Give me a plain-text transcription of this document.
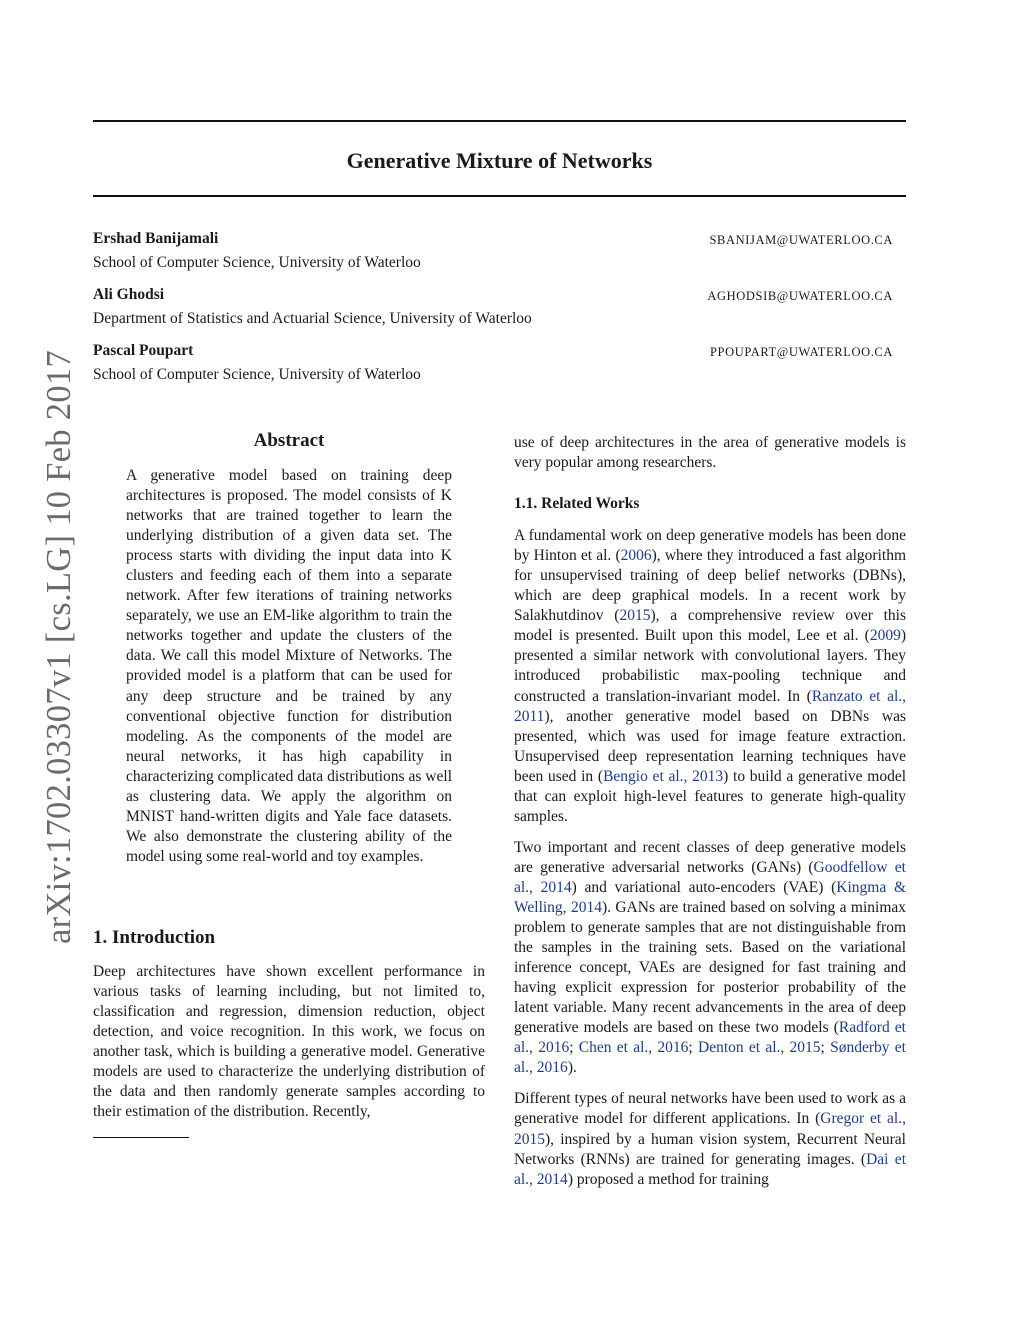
Generative Mixture of Networks
Ershad Banijamali	SBANIJAM@UWATERLOO.CA
School of Computer Science, University of Waterloo
Ali Ghodsi	AGHODSIB@UWATERLOO.CA
Department of Statistics and Actuarial Science, University of Waterloo
Pascal Poupart	PPOUPART@UWATERLOO.CA
School of Computer Science, University of Waterloo
arXiv:1702.03307v1 [cs.LG] 10 Feb 2017	Abstract

A generative model based on training deep architectures is proposed. The model consists of K networks that are trained together to learn the underlying distribution of a given data set. The process starts with dividing the input data into K clusters and feeding each of them into a separate network. After few iterations of training networks separately, we use an EM-like algorithm to train the networks together and update the clusters of the data. We call this model Mixture of Networks. The provided model is a platform that can be used for any deep structure and be trained by any conventional objective function for distribution modeling. As the components of the model are neural networks, it has high capability in characterizing complicated data distributions as well as clustering data. We apply the algorithm on MNIST hand-written digits and Yale face datasets. We also demonstrate the clustering ability of the model using some real-world and toy examples.

1. Introduction

Deep architectures have shown excellent performance in various tasks of learning including, but not limited to, classification and regression, dimension reduction, object detection, and voice recognition. In this work, we focus on another task, which is building a generative model. Generative models are used to characterize the underlying distribution of the data and then randomly generate samples according to their estimation of the distribution. Recently,

use of deep architectures in the area of generative models is very popular among researchers.

1.1. Related Works

A fundamental work on deep generative models has been done by Hinton et al. (2006), where they introduced a fast algorithm for unsupervised training of deep belief networks (DBNs), which are deep graphical models. In a recent work by Salakhutdinov (2015), a comprehensive review over this model is presented. Built upon this model, Lee et al. (2009) presented a similar network with convolutional layers. They introduced probabilistic max-pooling technique and constructed a translation-invariant model. In (Ranzato et al., 2011), another generative model based on DBNs was presented, which was used for image feature extraction. Unsupervised deep representation learning techniques have been used in (Bengio et al., 2013) to build a generative model that can exploit high-level features to generate high-quality samples.

Two important and recent classes of deep generative models are generative adversarial networks (GANs) (Goodfellow et al., 2014) and variational auto-encoders (VAE) (Kingma & Welling, 2014). GANs are trained based on solving a minimax problem to generate samples that are not distinguishable from the samples in the training sets. Based on the variational inference concept, VAEs are designed for fast training and having explicit expression for posterior probability of the latent variable. Many recent advancements in the area of deep generative models are based on these two models (Radford et al., 2016; Chen et al., 2016; Denton et al., 2015; Sønderby et al., 2016).

Different types of neural networks have been used to work as a generative model for different applications. In (Gregor et al., 2015), inspired by a human vision system, Recurrent Neural Networks (RNNs) are trained for generating images. (Dai et al., 2014) proposed a method for training
